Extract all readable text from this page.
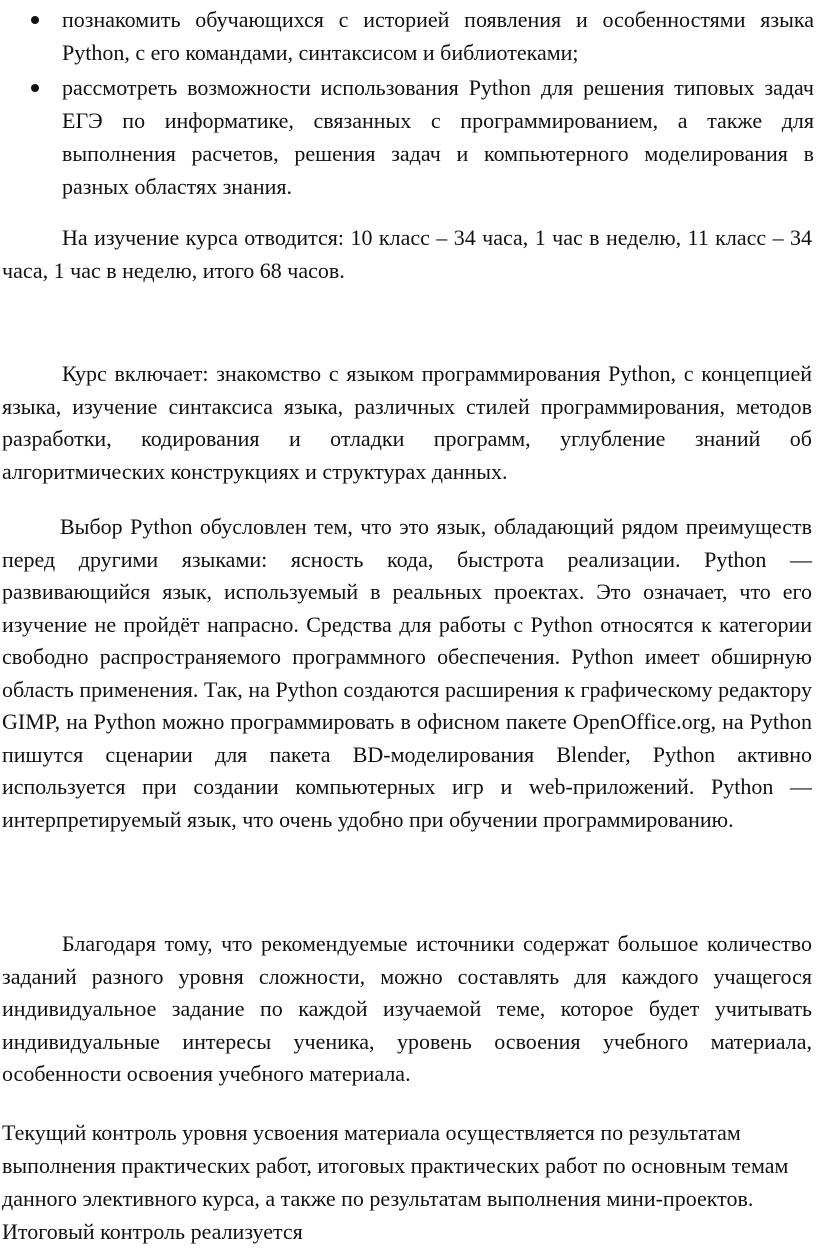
познакомить обучающихся с историей появления и особенностями языка Python, с его командами, синтаксисом и библиотеками;
рассмотреть возможности использования Python для решения типовых задач ЕГЭ по информатике, связанных с программированием, а также для выполнения расчетов, решения задач и компьютерного моделирования в разных областях знания.

На изучение курса отводится: 10 класс – 34 часа, 1 час в неделю, 11 класс – 34 часа, 1 час в неделю, итого 68 часов.

Курс включает: знакомство с языком программирования Python, с концепцией языка, изучение синтаксиса языка, различных стилей программирования, методов разработки, кодирования и отладки программ, углубление знаний об алгоритмических конструкциях и структурах данных.

Выбор Python обусловлен тем, что это язык, обладающий рядом преимуществ перед другими языками: ясность кода, быстрота реализации. Python — развивающийся язык, используемый в реальных проектах. Это означает, что его изучение не пройдёт напрасно. Средства для работы с Python относятся к категории свободно распространяемого программного обеспечения. Python имеет обширную область применения. Так, на Python создаются расширения к графическому редактору GIMP, на Python можно программировать в офисном пакете OpenOffice.org, на Python пишутся сценарии для пакета BD-моделирования Blender, Python активно используется при создании компьютерных игр и web-приложений. Python — интерпретируемый язык, что очень удобно при обучении программированию.

Благодаря тому, что рекомендуемые источники содержат большое количество заданий разного уровня сложности, можно составлять для каждого учащегося индивидуальное задание по каждой изучаемой теме, которое будет учитывать индивидуальные интересы ученика, уровень освоения учебного материала, особенности освоения учебного материала.

Текущий контроль уровня усвоения материала осуществляется по результатам выполнения практических работ, итоговых практических работ по основным темам данного элективного курса, а также по результатам выполнения мини-проектов. Итоговый контроль реализуется
